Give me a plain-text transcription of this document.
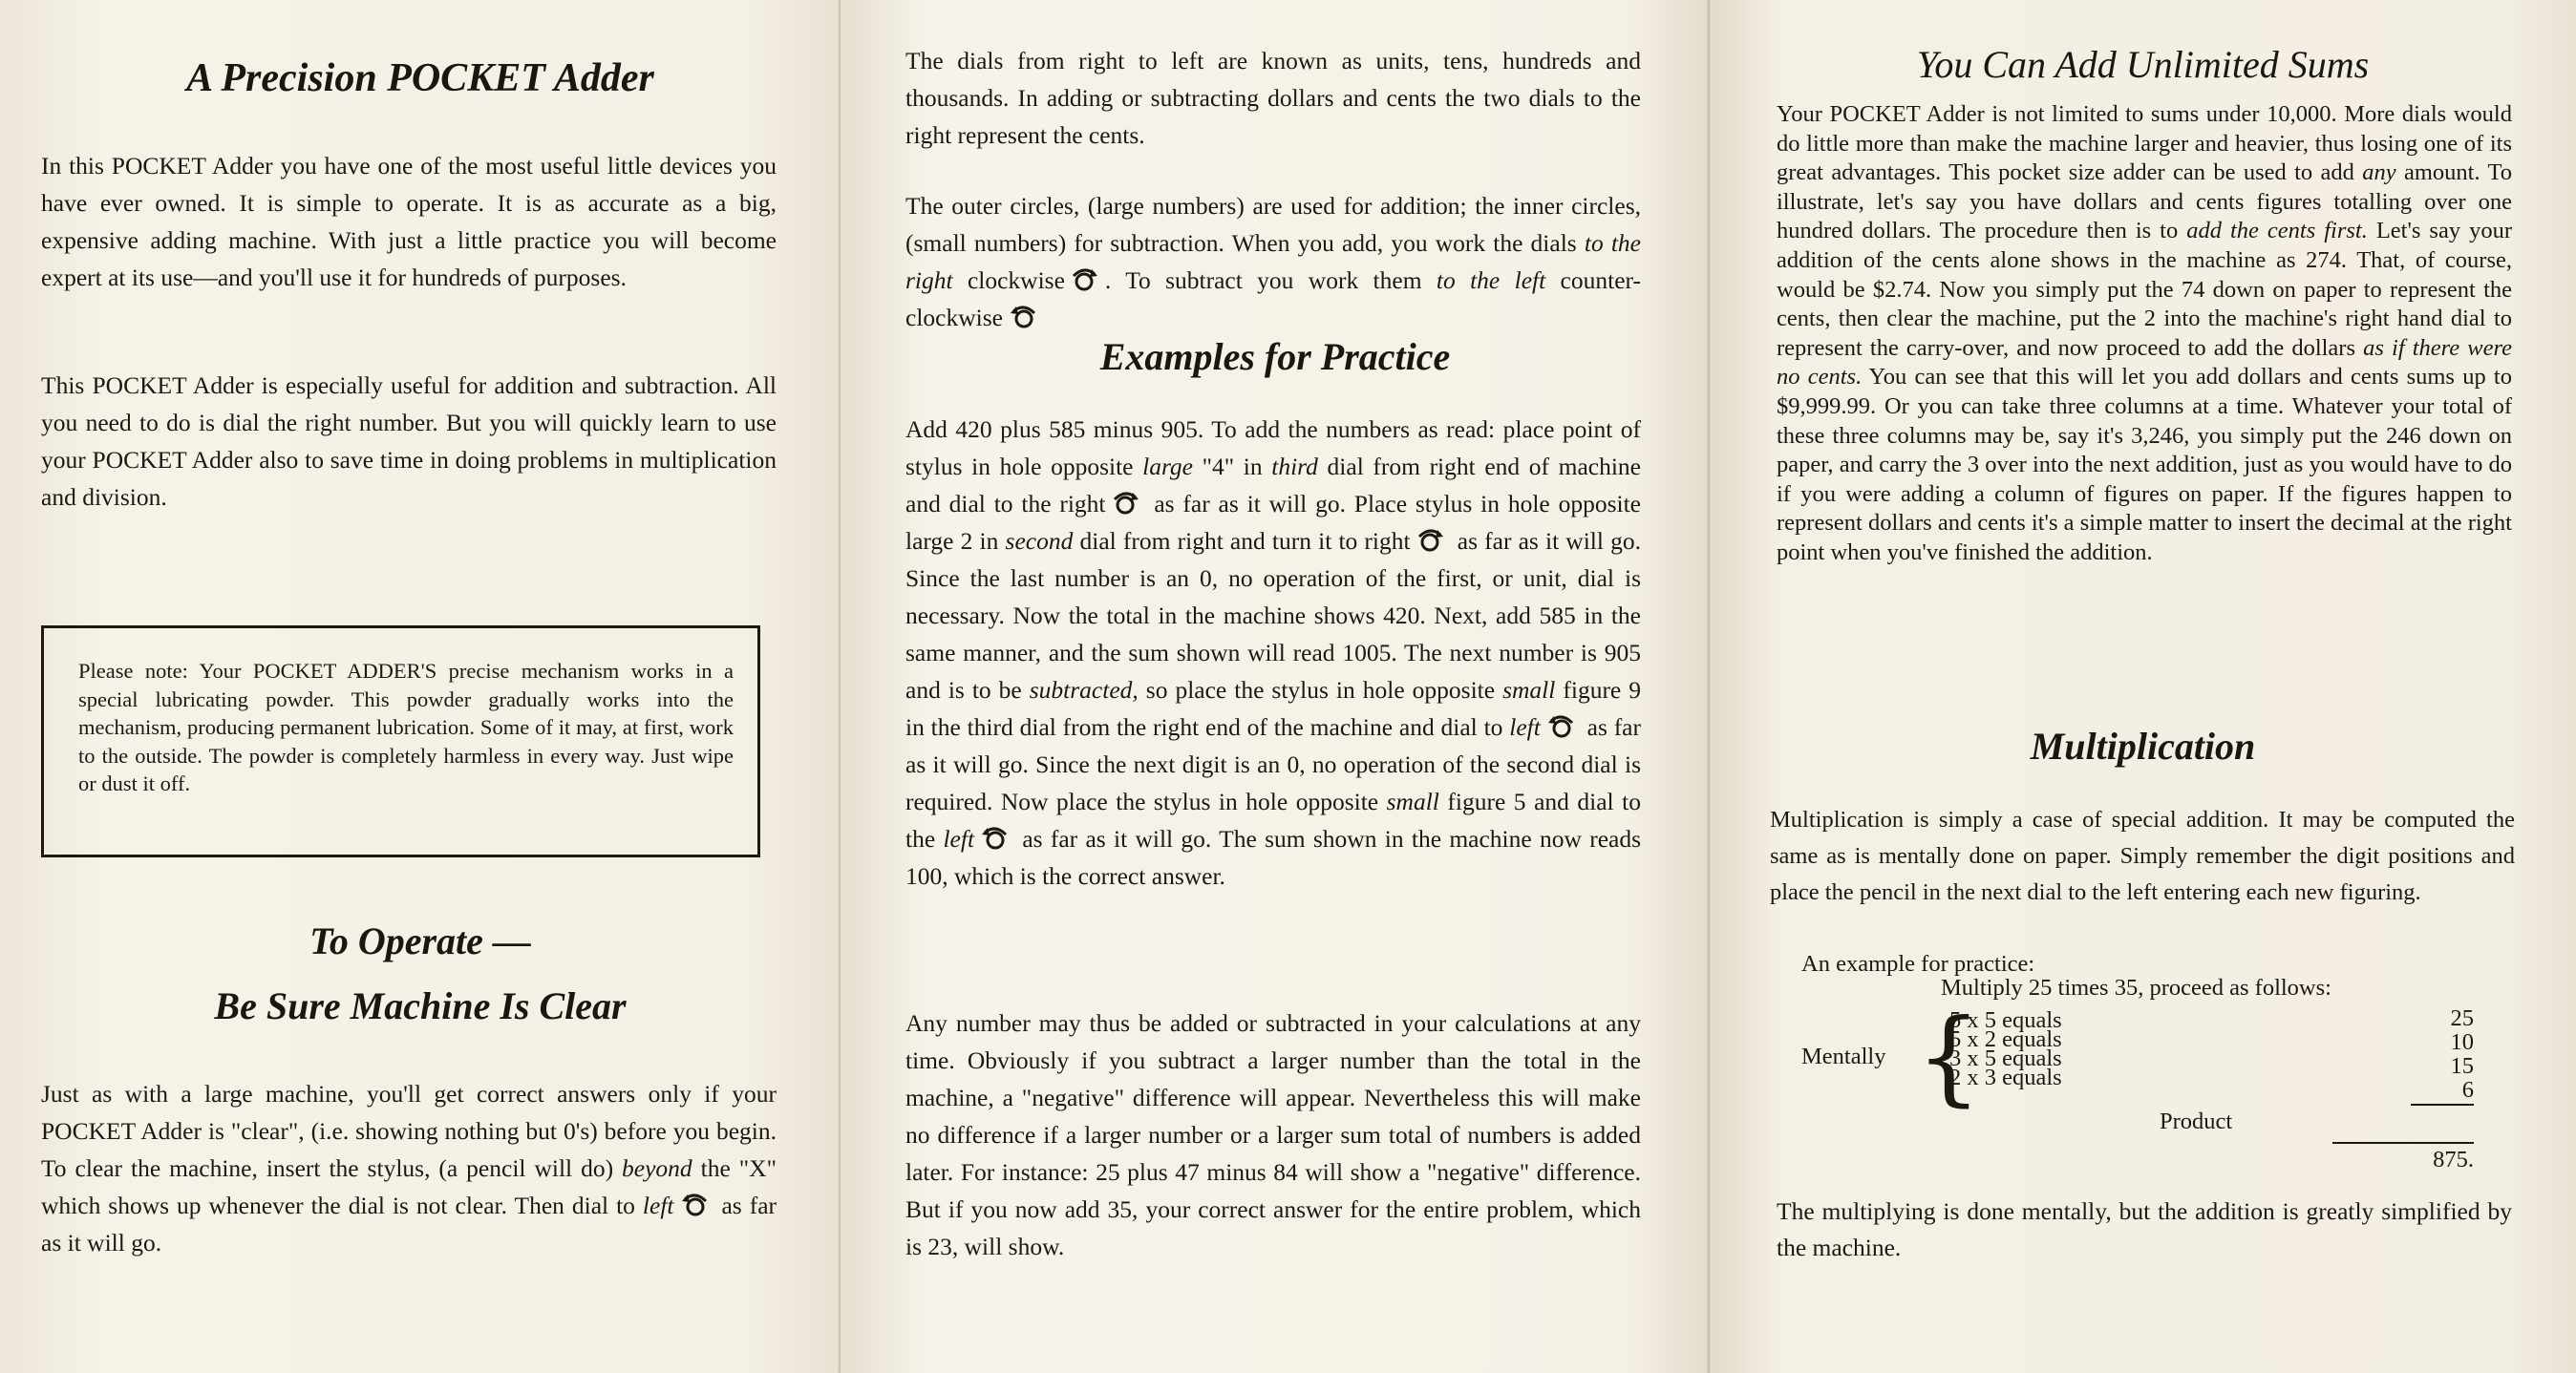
A Precision POCKET Adder

In this POCKET Adder you have one of the most useful little devices you have ever owned. It is simple to operate. It is as accurate as a big, expensive adding machine. With just a little practice you will become expert at its use—and you'll use it for hundreds of purposes.

This POCKET Adder is especially useful for addition and subtraction. All you need to do is dial the right number. But you will quickly learn to use your POCKET Adder also to save time in doing problems in multiplication and division.

Please note: Your POCKET ADDER'S precise mechanism works in a special lubricating powder. This powder gradually works into the mechanism, producing permanent lubrication. Some of it may, at first, work to the outside. The powder is completely harmless in every way. Just wipe or dust it off.

To Operate —
Be Sure Machine Is Clear

Just as with a large machine, you'll get correct answers only if your POCKET Adder is "clear", (i.e. showing nothing but 0's) before you begin. To clear the machine, insert the stylus, (a pencil will do) beyond the "X" which shows up whenever the dial is not clear. Then dial to left as far as it will go.

The dials from right to left are known as units, tens, hundreds and thousands. In adding or subtracting dollars and cents the two dials to the right represent the cents.

The outer circles, (large numbers) are used for addition; the inner circles, (small numbers) for subtraction. When you add, you work the dials to the right clockwise . To subtract you work them to the left counter-clockwise

Examples for Practice

Add 420 plus 585 minus 905. To add the numbers as read: place point of stylus in hole opposite large "4" in third dial from right end of machine and dial to the right as far as it will go. Place stylus in hole opposite large 2 in second dial from right and turn it to right as far as it will go. Since the last number is an 0, no operation of the first, or unit, dial is necessary. Now the total in the machine shows 420. Next, add 585 in the same manner, and the sum shown will read 1005. The next number is 905 and is to be subtracted, so place the stylus in hole opposite small figure 9 in the third dial from the right end of the machine and dial to left as far as it will go. Since the next digit is an 0, no operation of the second dial is required. Now place the stylus in hole opposite small figure 5 and dial to the left as far as it will go. The sum shown in the machine now reads 100, which is the correct answer.

Any number may thus be added or subtracted in your calculations at any time. Obviously if you subtract a larger number than the total in the machine, a "negative" difference will appear. Nevertheless this will make no difference if a larger number or a larger sum total of numbers is added later. For instance: 25 plus 47 minus 84 will show a "negative" difference. But if you now add 35, your correct answer for the entire problem, which is 23, will show.

You Can Add Unlimited Sums

Your POCKET Adder is not limited to sums under 10,000. More dials would do little more than make the machine larger and heavier, thus losing one of its great advantages. This pocket size adder can be used to add any amount. To illustrate, let's say you have dollars and cents figures totalling over one hundred dollars. The procedure then is to add the cents first. Let's say your addition of the cents alone shows in the machine as 274. That, of course, would be $2.74. Now you simply put the 74 down on paper to represent the cents, then clear the machine, put the 2 into the machine's right hand dial to represent the carry-over, and now proceed to add the dollars as if there were no cents. You can see that this will let you add dollars and cents sums up to $9,999.99. Or you can take three columns at a time. Whatever your total of these three columns may be, say it's 3,246, you simply put the 246 down on paper, and carry the 3 over into the next addition, just as you would have to do if you were adding a column of figures on paper. If the figures happen to represent dollars and cents it's a simple matter to insert the decimal at the right point when you've finished the addition.

Multiplication

Multiplication is simply a case of special addition. It may be computed the same as is mentally done on paper. Simply remember the digit positions and place the pencil in the next dial to the left entering each new figuring.

An example for practice:
Multiply 25 times 35, proceed as follows:
Mentally {
5 x 5 equals
5 x 2 equals
3 x 5 equals
2 x 3 equals
25
10
15
6
Product
875.

The multiplying is done mentally, but the addition is greatly simplified by the machine.
